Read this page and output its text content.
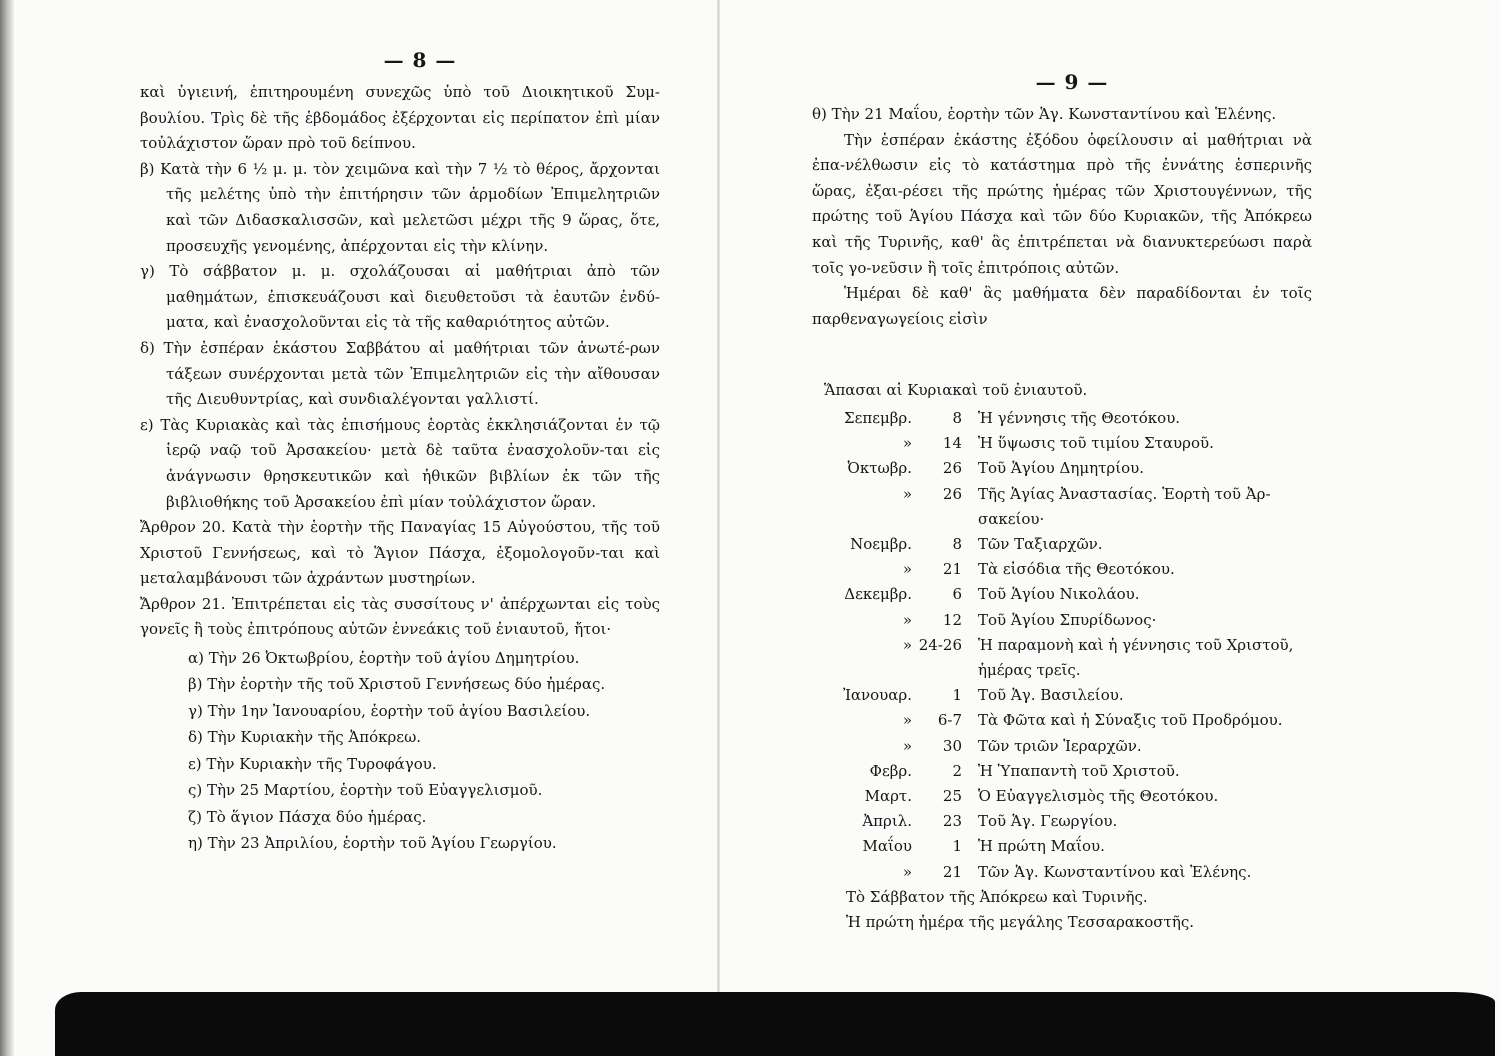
— 8 —

καὶ ὑγιεινή, ἐπιτηρουμένη συνεχῶς ὑπὸ τοῦ Διοικητικοῦ Συμ-βουλίου. Τρὶς δὲ τῆς ἑβδομάδος ἐξέρχονται εἰς περίπατον ἐπὶ μίαν τοὐλάχιστον ὥραν πρὸ τοῦ δείπνου.

β) Κατὰ τὴν 6 ½ μ. μ. τὸν χειμῶνα καὶ τὴν 7 ½ τὸ θέρος, ἄρχονται τῆς μελέτης ὑπὸ τὴν ἐπιτήρησιν τῶν ἁρμοδίων Ἐπιμελητριῶν καὶ τῶν Διδασκαλισσῶν, καὶ μελετῶσι μέχρι τῆς 9 ὥρας, ὅτε, προσευχῆς γενομένης, ἀπέρχονται εἰς τὴν κλίνην.

γ) Τὸ σάββατον μ. μ. σχολάζουσαι αἱ μαθήτριαι ἀπὸ τῶν μαθημάτων, ἐπισκευάζουσι καὶ διευθετοῦσι τὰ ἑαυτῶν ἐνδύ-ματα, καὶ ἐνασχολοῦνται εἰς τὰ τῆς καθαριότητος αὐτῶν.

δ) Τὴν ἑσπέραν ἑκάστου Σαββάτου αἱ μαθήτριαι τῶν ἀνωτέ-ρων τάξεων συνέρχονται μετὰ τῶν Ἐπιμελητριῶν εἰς τὴν αἴθουσαν τῆς Διευθυντρίας, καὶ συνδιαλέγονται γαλλιστί.

ε) Τὰς Κυριακὰς καὶ τὰς ἐπισήμους ἑορτὰς ἐκκλησιάζονται ἐν τῷ ἱερῷ ναῷ τοῦ Ἀρσακείου· μετὰ δὲ ταῦτα ἐνασχολοῦν-ται εἰς ἀνάγνωσιν θρησκευτικῶν καὶ ἠθικῶν βιβλίων ἐκ τῶν τῆς βιβλιοθήκης τοῦ Ἀρσακείου ἐπὶ μίαν τοὐλάχιστον ὥραν.

Ἄρθρον 20. Κατὰ τὴν ἑορτὴν τῆς Παναγίας 15 Αὐγούστου, τῆς τοῦ Χριστοῦ Γεννήσεως, καὶ τὸ Ἅγιον Πάσχα, ἐξομολογοῦν-ται καὶ μεταλαμβάνουσι τῶν ἀχράντων μυστηρίων.

Ἄρθρον 21. Ἐπιτρέπεται εἰς τὰς συσσίτους ν' ἀπέρχωνται εἰς τοὺς γονεῖς ἢ τοὺς ἐπιτρόπους αὐτῶν ἐννεάκις τοῦ ἐνιαυτοῦ, ἤτοι·

α) Τὴν 26 Ὀκτωβρίου, ἑορτὴν τοῦ ἁγίου Δημητρίου.

β) Τὴν ἑορτὴν τῆς τοῦ Χριστοῦ Γεννήσεως δύο ἡμέρας.

γ) Τὴν 1ην Ἰανουαρίου, ἑορτὴν τοῦ ἁγίου Βασιλείου.

δ) Τὴν Κυριακὴν τῆς Ἀπόκρεω.

ε) Τὴν Κυριακὴν τῆς Τυροφάγου.

ς) Τὴν 25 Μαρτίου, ἑορτὴν τοῦ Εὐαγγελισμοῦ.

ζ) Τὸ ἅγιον Πάσχα δύο ἡμέρας.

η) Τὴν 23 Ἀπριλίου, ἑορτὴν τοῦ Ἁγίου Γεωργίου.

— 9 —

θ) Τὴν 21 Μαΐου, ἑορτὴν τῶν Ἁγ. Κωνσταντίνου καὶ Ἑλένης.

Τὴν ἑσπέραν ἑκάστης ἐξόδου ὀφείλουσιν αἱ μαθήτριαι νὰ ἐπα-νέλθωσιν εἰς τὸ κατάστημα πρὸ τῆς ἐννάτης ἑσπερινῆς ὥρας, ἐξαι-ρέσει τῆς πρώτης ἡμέρας τῶν Χριστουγέννων, τῆς πρώτης τοῦ Ἁγίου Πάσχα καὶ τῶν δύο Κυριακῶν, τῆς Ἀπόκρεω καὶ τῆς Τυρινῆς, καθ' ἃς ἐπιτρέπεται νὰ διανυκτερεύωσι παρὰ τοῖς γο-νεῦσιν ἢ τοῖς ἐπιτρόποις αὐτῶν.

Ἡμέραι δὲ καθ' ἃς μαθήματα δὲν παραδίδονται ἐν τοῖς παρθεναγωγείοις εἰσὶν

Ἅπασαι αἱ Κυριακαὶ τοῦ ἐνιαυτοῦ.

Σεπεμβρ.	8	Ἡ γέννησις τῆς Θεοτόκου.
»	14	Ἡ ὕψωσις τοῦ τιμίου Σταυροῦ.
Ὀκτωβρ.	26	Τοῦ Ἁγίου Δημητρίου.
»	26	Τῆς Ἁγίας Ἀναστασίας. Ἑορτὴ τοῦ Ἀρ-σακείου·
Νοεμβρ.	8	Τῶν Ταξιαρχῶν.
»	21	Τὰ εἰσόδια τῆς Θεοτόκου.
Δεκεμβρ.	6	Τοῦ Ἁγίου Νικολάου.
»	12	Τοῦ Ἁγίου Σπυρίδωνος·
» 24-26	Ἡ παραμονὴ καὶ ἡ γέννησις τοῦ Χριστοῦ, ἡμέρας τρεῖς.
Ἰανουαρ.	1	Τοῦ Ἁγ. Βασιλείου.
»	6-7	Τὰ Φῶτα καὶ ἡ Σύναξις τοῦ Προδρόμου.
»	30	Τῶν τριῶν Ἱεραρχῶν.
Φεβρ.	2	Ἡ Ὑπαπαντὴ τοῦ Χριστοῦ.
Μαρτ.	25	Ὁ Εὐαγγελισμὸς τῆς Θεοτόκου.
Ἀπριλ.	23	Τοῦ Ἁγ. Γεωργίου.
Μαΐου	1	Ἡ πρώτη Μαΐου.
»	21	Τῶν Ἁγ. Κωνσταντίνου καὶ Ἑλένης.

Τὸ Σάββατον τῆς Ἀπόκρεω καὶ Τυρινῆς.

Ἡ πρώτη ἡμέρα τῆς μεγάλης Τεσσαρακοστῆς.
